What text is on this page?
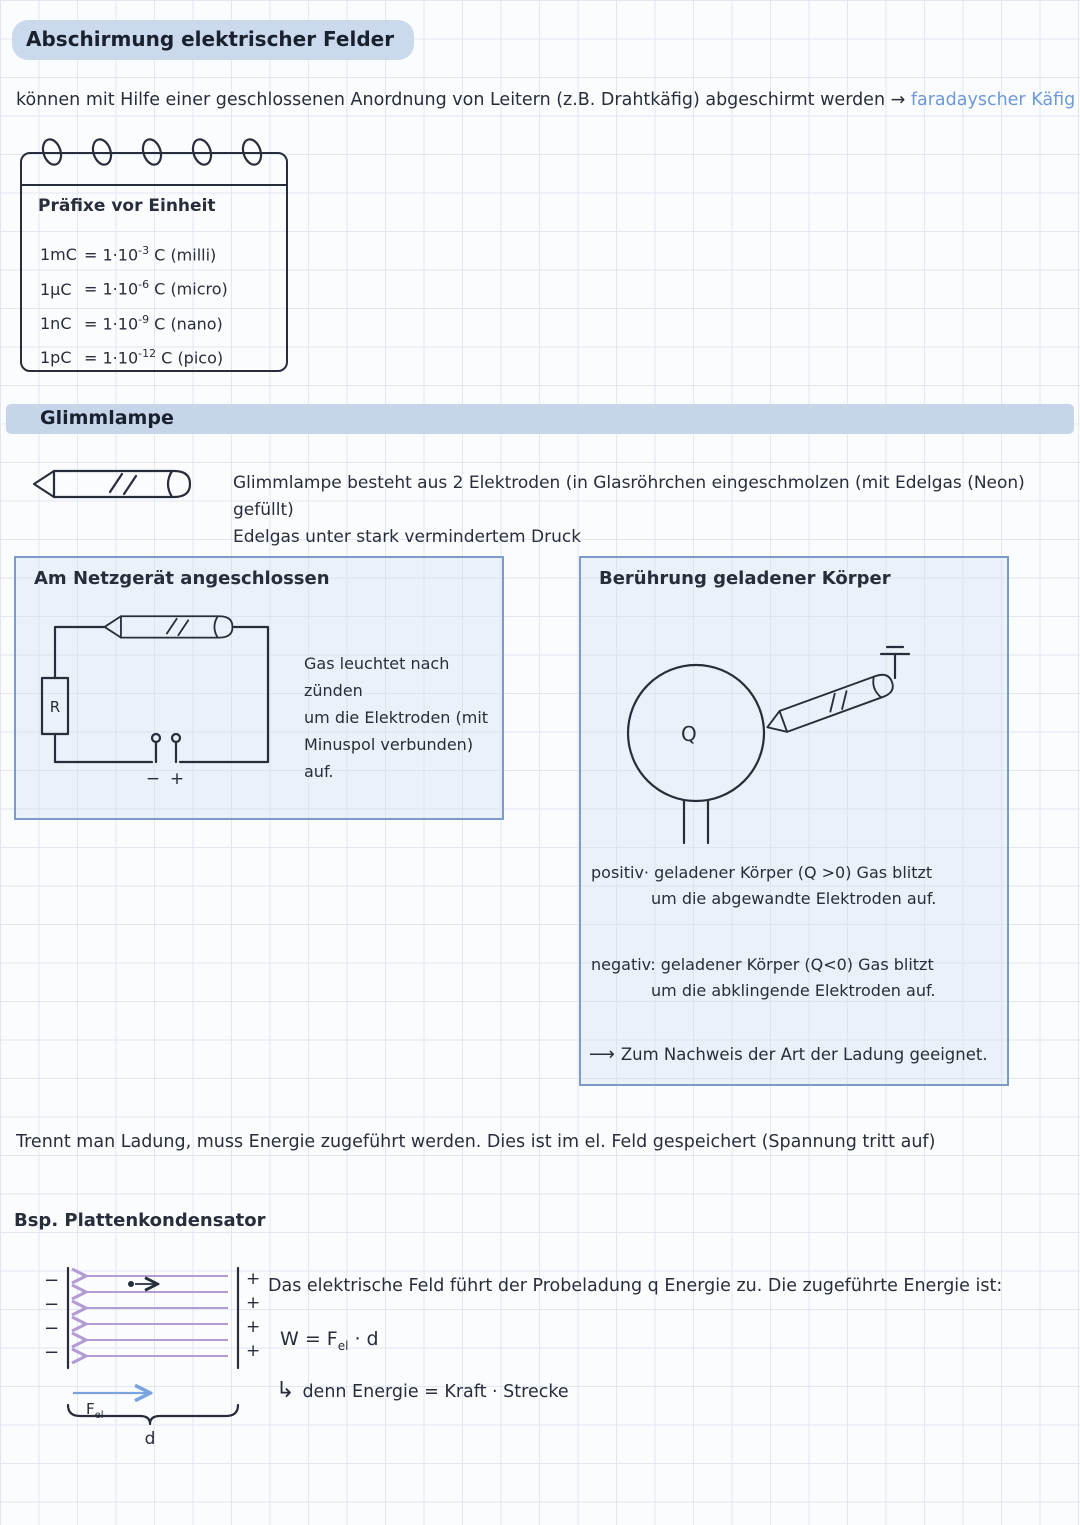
Abschirmung elektrischer Felder
können mit Hilfe einer geschlossenen Anordnung von Leitern (z.B. Drahtkäfig) abgeschirmt werden → faradayscher Käfig
Präfixe vor Einheit
$1mC = 1\cdot 10^{-3}$ C (milli)
$1\mu C = 1\cdot 10^{-6}$ C (micro)
$1nC = 1\cdot 10^{-9}$ C (nano)
$1pC = 1\cdot 10^{-12}$ C (pico)
Glimmlampe
Glimmlampe besteht aus 2 Elektroden (in Glasröhrchen eingeschmolzen (mit Edelgas (Neon) gefüllt)
Edelgas unter stark vermindertem Druck
Am Netzgerät angeschlossen
R
− +
Gas leuchtet nach zünden
um die Elektroden (mit
Minuspol verbunden) auf.
Berührung geladener Körper
Q
positiv· geladener Körper (Q >0) Gas blitzt
um die abgewandte Elektroden auf.
negativ: geladener Körper (Q<0) Gas blitzt
um die abklingende Elektroden auf.
⟶ Zum Nachweis der Art der Ladung geeignet.
Trennt man Ladung, muss Energie zugeführt werden. Dies ist im el. Feld gespeichert (Spannung tritt auf)
Bsp. Plattenkondensator
−
−
−
−
+
+
+
+
$F_{el}$
d
Das elektrische Feld führt der Probeladung q Energie zu. Die zugeführte Energie ist:
$W = F_{el} \cdot d$
↳ denn Energie = Kraft · Strecke
